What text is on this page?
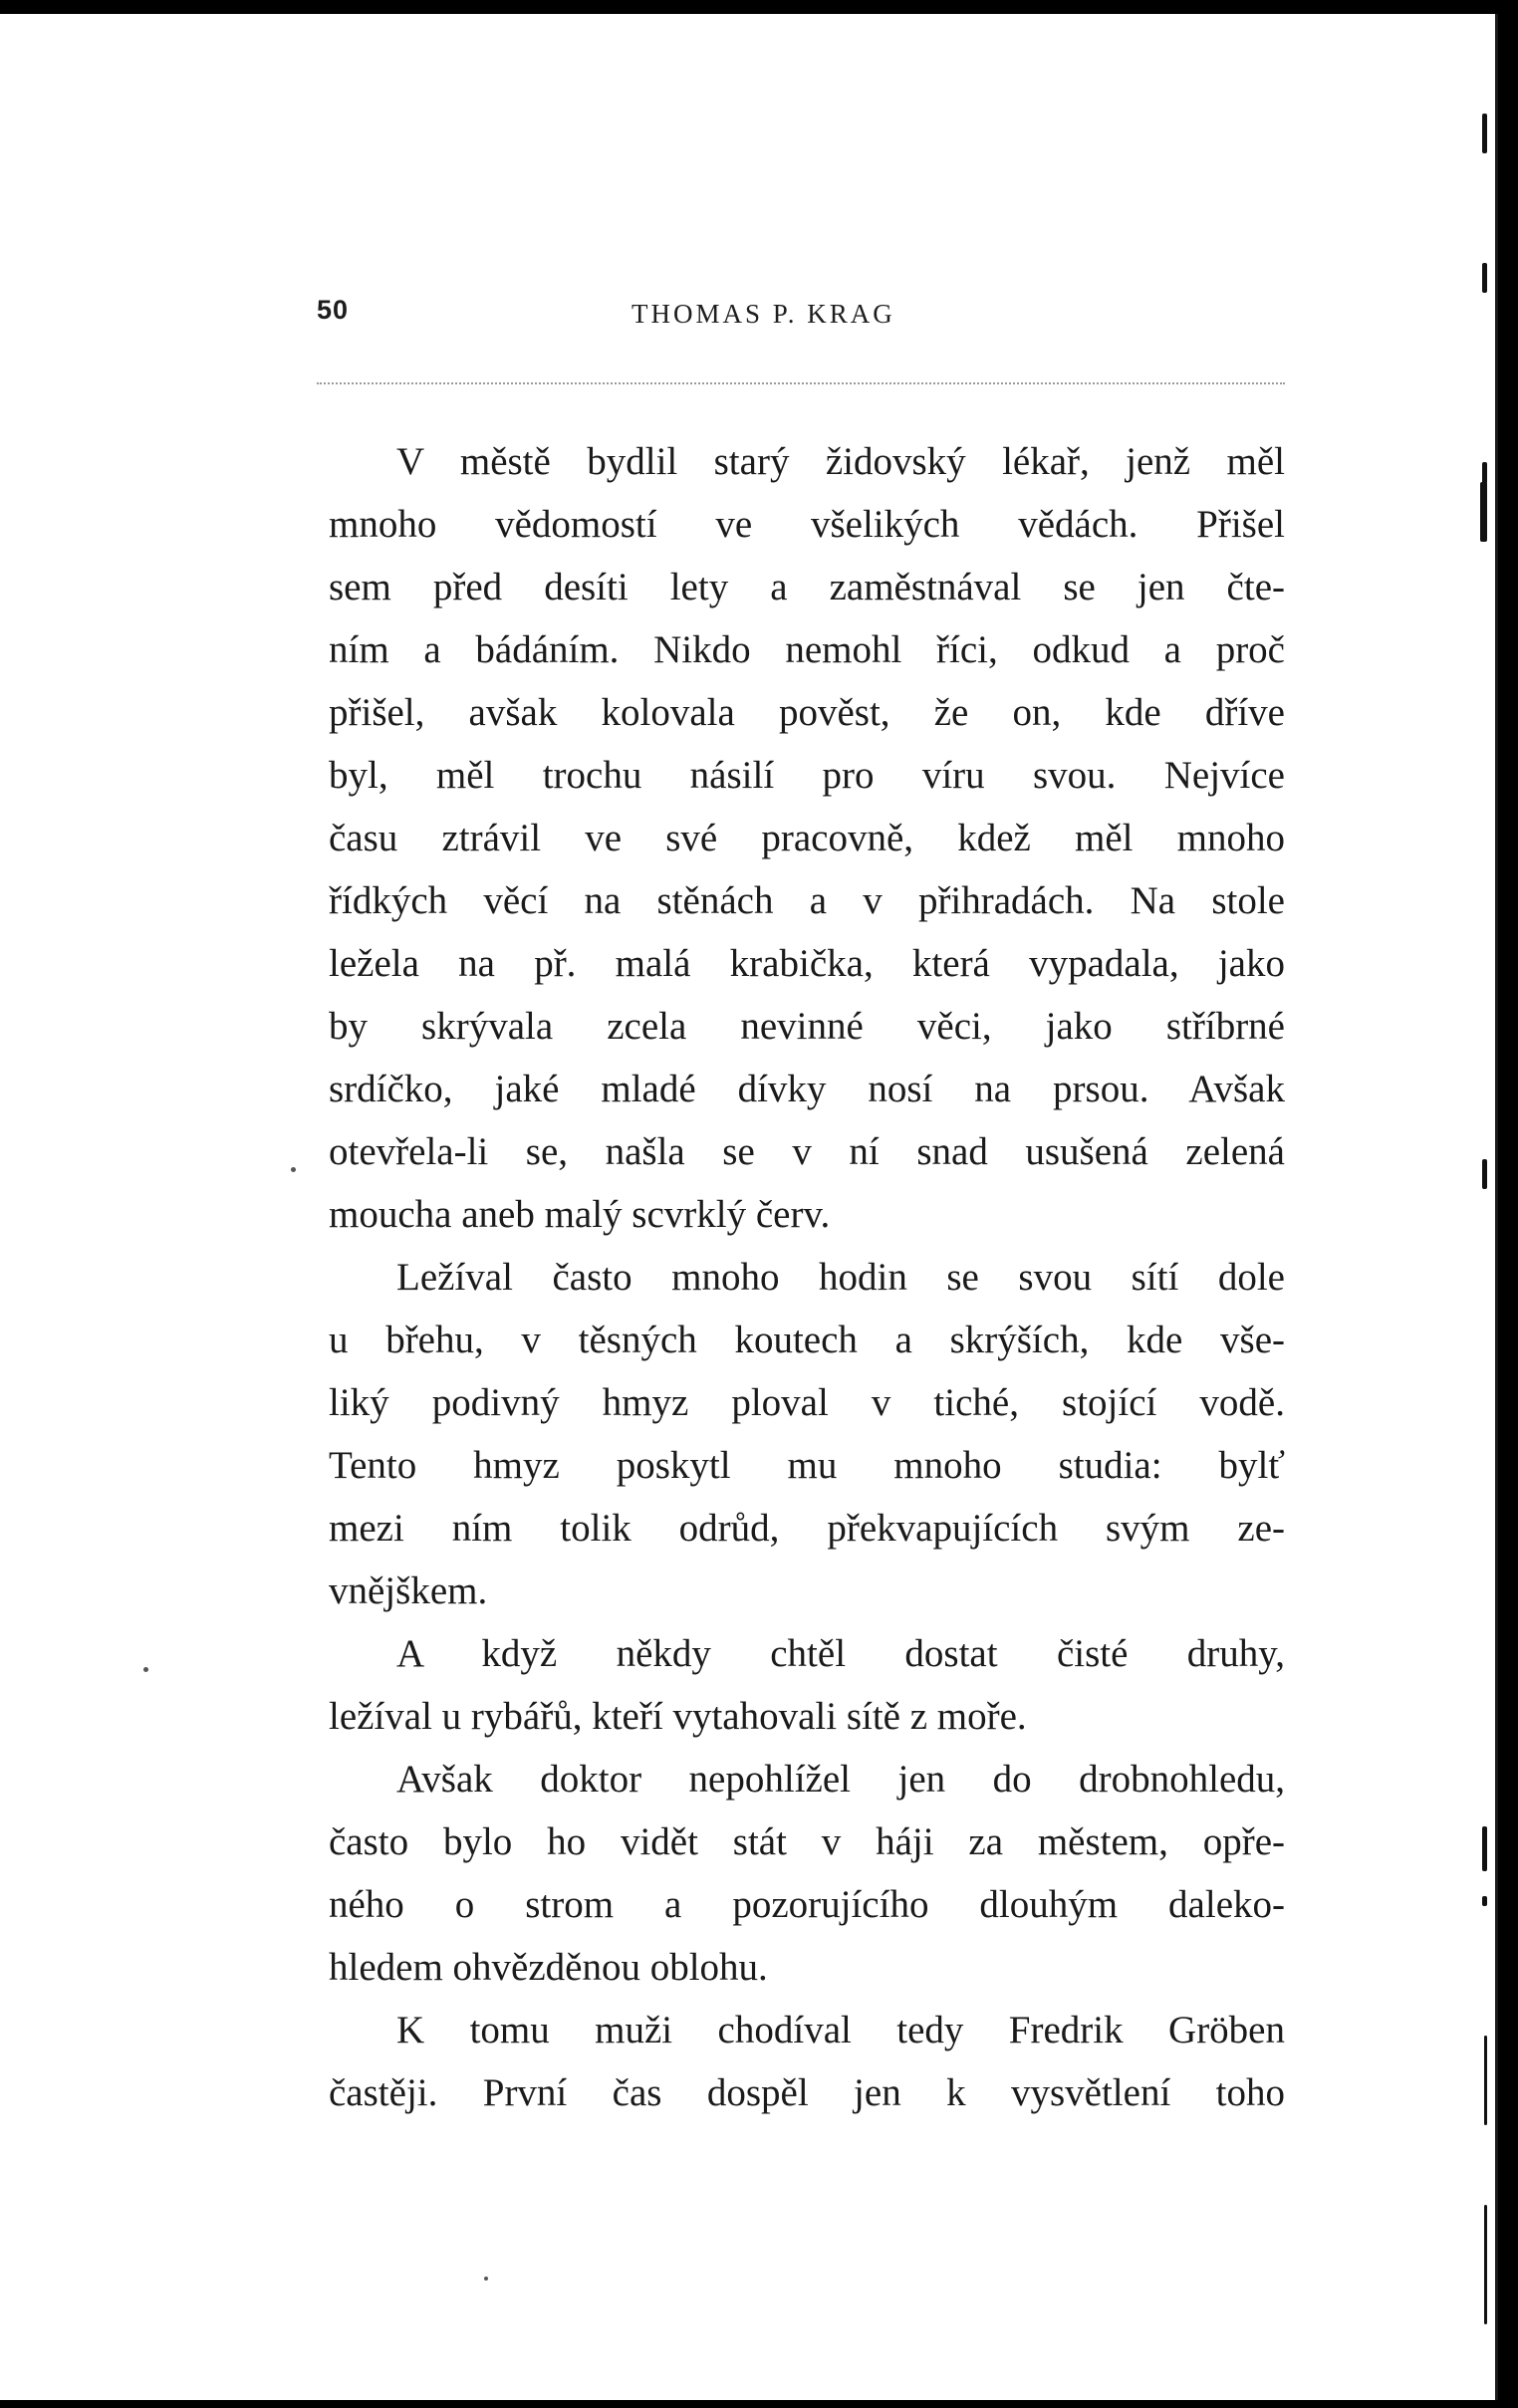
50	THOMAS P. KRAG

V městě bydlil starý židovský lékař, jenž měl
mnoho vědomostí ve všelikých vědách. Přišel
sem před desíti lety a zaměstnával se jen čte-
ním a bádáním. Nikdo nemohl říci, odkud a proč
přišel, avšak kolovala pověst, že on, kde dříve
byl, měl trochu násilí pro víru svou. Nejvíce
času ztrávil ve své pracovně, kdež měl mnoho
řídkých věcí na stěnách a v přihradách. Na stole
ležela na př. malá krabička, která vypadala, jako
by skrývala zcela nevinné věci, jako stříbrné
srdíčko, jaké mladé dívky nosí na prsou. Avšak
otevřela-li se, našla se v ní snad usušená zelená
moucha aneb malý scvrklý červ.

Ležíval často mnoho hodin se svou sítí dole
u břehu, v těsných koutech a skrýších, kde vše-
liký podivný hmyz ploval v tiché, stojící vodě.
Tento hmyz poskytl mu mnoho studia: bylť
mezi ním tolik odrůd, překvapujících svým ze-
vnějškem.

A když někdy chtěl dostat čisté druhy,
ležíval u rybářů, kteří vytahovali sítě z moře.

Avšak doktor nepohlížel jen do drobnohledu,
často bylo ho vidět stát v háji za městem, opře-
ného o strom a pozorujícího dlouhým daleko-
hledem ohvězděnou oblohu.

K tomu muži chodíval tedy Fredrik Gröben
častěji. První čas dospěl jen k vysvětlení toho
